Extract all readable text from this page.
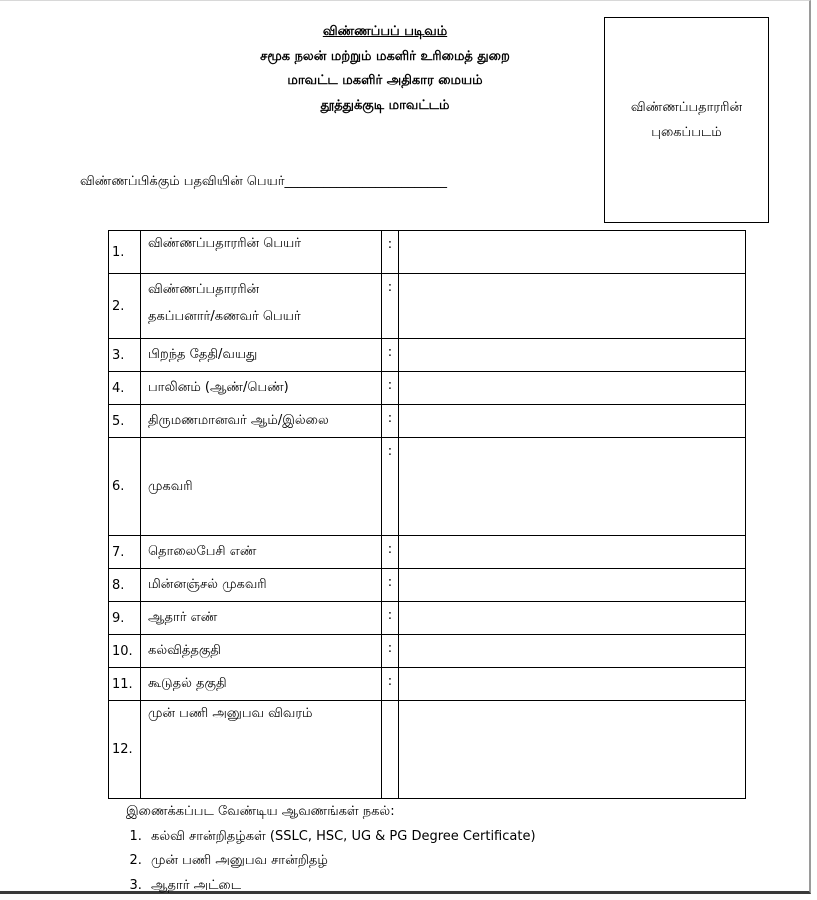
விண்ணப்பப் படிவம்
சமூக நலன் மற்றும் மகளிர் உரிமைத் துறை
மாவட்ட மகளிர் அதிகார மையம்
தூத்துக்குடி மாவட்டம்	விண்ணப்பதாரரின்
புகைப்படம்
விண்ணப்பிக்கும் பதவியின் பெயர்_________________________
1.	விண்ணப்பதாரரின் பெயர்	:	
2.	விண்ணப்பதாரரின்
தகப்பனார்/கணவர் பெயர்	:	
3.	பிறந்த தேதி/வயது	:	
4.	பாலினம் (ஆண்/பெண்)	:	
5.	திருமணமானவர் ஆம்/இல்லை	:	
6.	முகவரி	:	
7.	தொலைபேசி எண்	:	
8.	மின்னஞ்சல் முகவரி	:	
9.	ஆதார் எண்	:	
10.	கல்வித்தகுதி	:	
11.	கூடுதல் தகுதி	:	
12.	முன் பணி அனுபவ விவரம்		
இணைக்கப்பட வேண்டிய ஆவணங்கள் நகல்:
1. கல்வி சான்றிதழ்கள் (SSLC, HSC, UG & PG Degree Certificate)
2. முன் பணி அனுபவ சான்றிதழ்
3. ஆதார் அட்டை
